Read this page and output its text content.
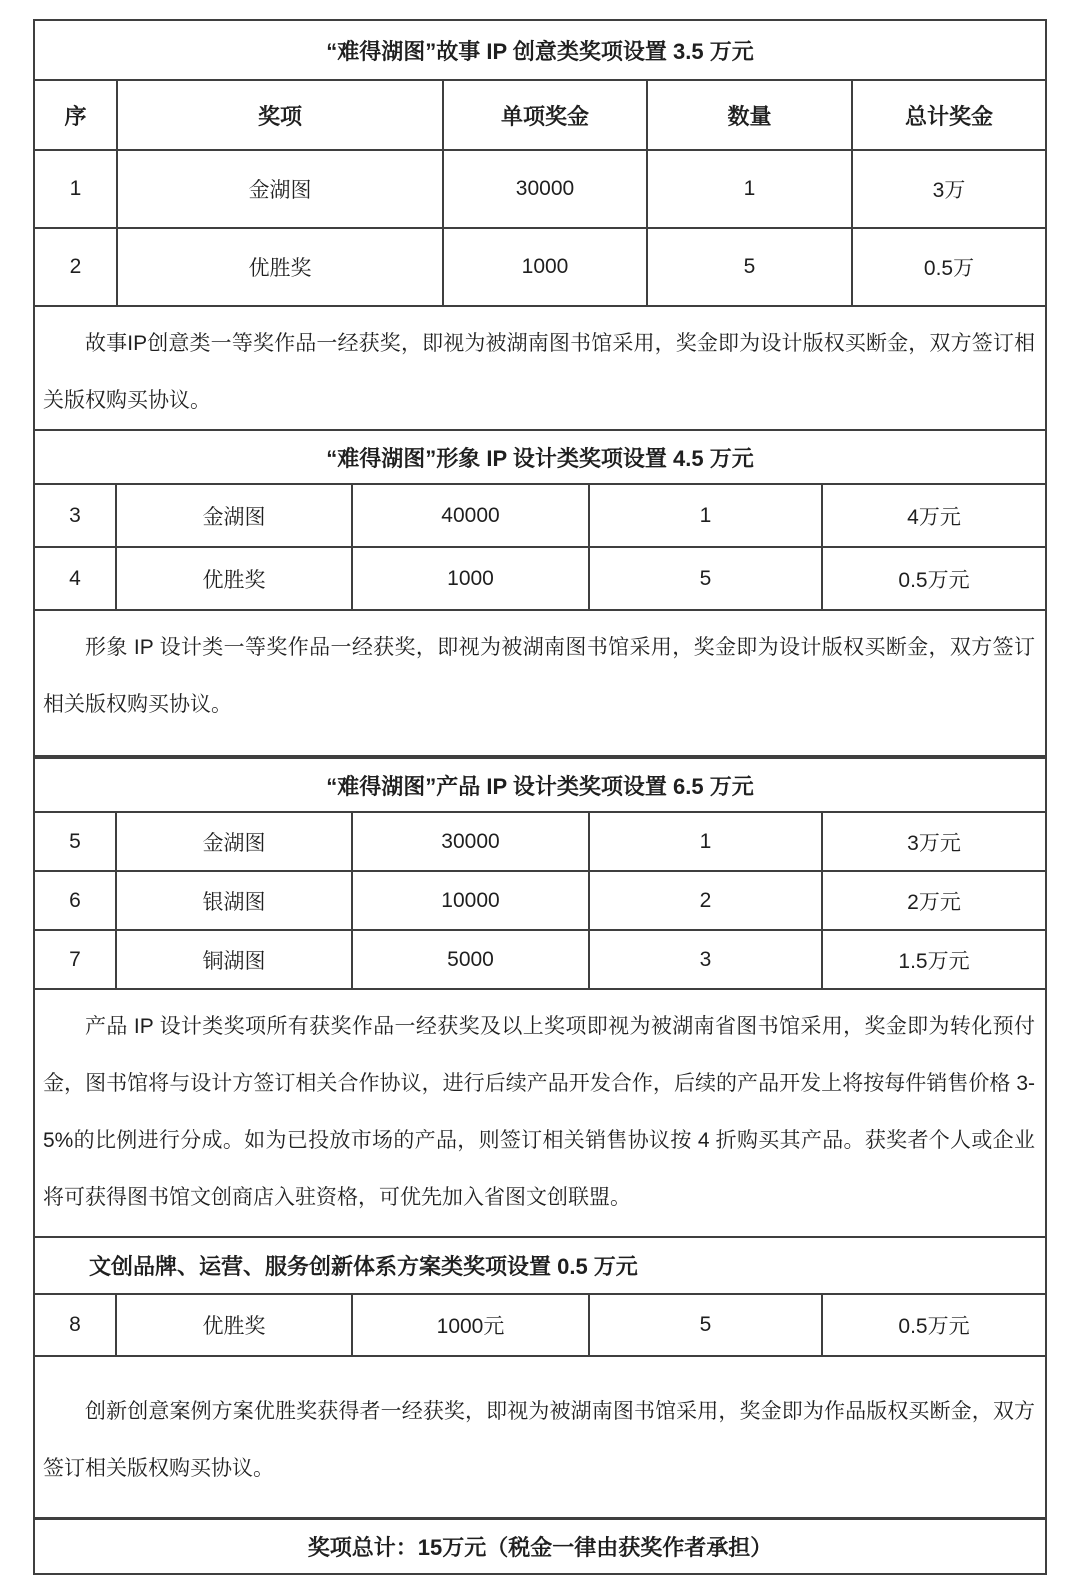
“难得湖图”故事 IP 创意类奖项设置 3.5 万元
序	奖项	单项奖金	数量	总计奖金
1	金湖图	30000	1	3万
2	优胜奖	1000	5	0.5万
故事IP创意类一等奖作品一经获奖，即视为被湖南图书馆采用，奖金即为设计版权买断金，双方签订相关版权购买协议。
“难得湖图”形象 IP 设计类奖项设置 4.5 万元
3	金湖图	40000	1	4万元
4	优胜奖	1000	5	0.5万元
形象 IP 设计类一等奖作品一经获奖，即视为被湖南图书馆采用，奖金即为设计版权买断金，双方签订相关版权购买协议。
“难得湖图”产品 IP 设计类奖项设置 6.5 万元
5	金湖图	30000	1	3万元
6	银湖图	10000	2	2万元
7	铜湖图	5000	3	1.5万元
产品 IP 设计类奖项所有获奖作品一经获奖及以上奖项即视为被湖南省图书馆采用，奖金即为转化预付金，图书馆将与设计方签订相关合作协议，进行后续产品开发合作，后续的产品开发上将按每件销售价格 3-5%的比例进行分成。如为已投放市场的产品，则签订相关销售协议按 4 折购买其产品。获奖者个人或企业将可获得图书馆文创商店入驻资格，可优先加入省图文创联盟。
文创品牌、运营、服务创新体系方案类奖项设置 0.5 万元
8	优胜奖	1000元	5	0.5万元
创新创意案例方案优胜奖获得者一经获奖，即视为被湖南图书馆采用，奖金即为作品版权买断金，双方签订相关版权购买协议。
奖项总计：15万元（税金一律由获奖作者承担）
